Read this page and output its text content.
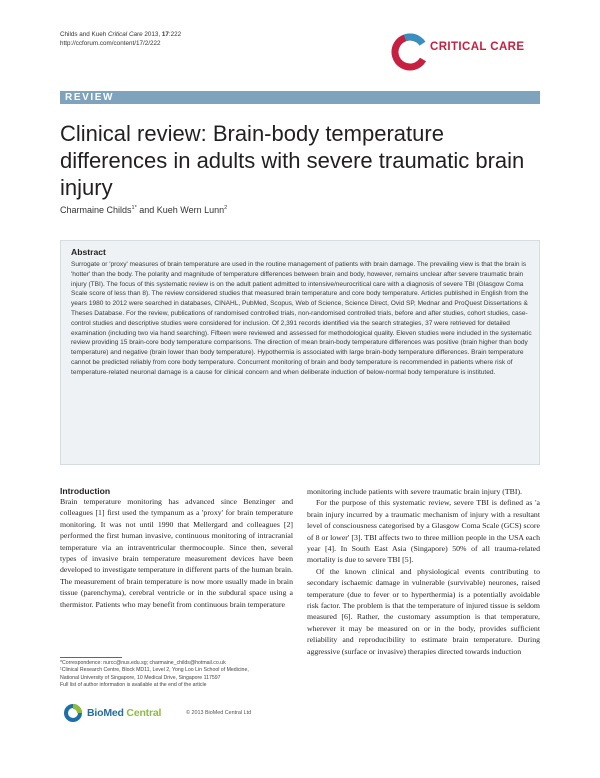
Childs and Kueh Critical Care 2013, 17:222
http://ccforum.com/content/17/2/222	CRITICAL CARE
REVIEW
Clinical review: Brain-body temperature differences in adults with severe traumatic brain injury
Charmaine Childs$^{1*}$ and Kueh Wern Lunn$^2$
Abstract
Surrogate or 'proxy' measures of brain temperature are used in the routine management of patients with brain damage. The prevailing view is that the brain is 'hotter' than the body. The polarity and magnitude of temperature differences between brain and body, however, remains unclear after severe traumatic brain injury (TBI). The focus of this systematic review is on the adult patient admitted to intensive/neurocritical care with a diagnosis of severe TBI (Glasgow Coma Scale score of less than 8). The review considered studies that measured brain temperature and core body temperature. Articles published in English from the years 1980 to 2012 were searched in databases, CINAHL, PubMed, Scopus, Web of Science, Science Direct, Ovid SP, Mednar and ProQuest Dissertations & Theses Database. For the review, publications of randomised controlled trials, non-randomised controlled trials, before and after studies, cohort studies, case-control studies and descriptive studies were considered for inclusion. Of 2,391 records identified via the search strategies, 37 were retrieved for detailed examination (including two via hand searching). Fifteen were reviewed and assessed for methodological quality. Eleven studies were included in the systematic review providing 15 brain-core body temperature comparisons. The direction of mean brain-body temperature differences was positive (brain higher than body temperature) and negative (brain lower than body temperature). Hypothermia is associated with large brain-body temperature differences. Brain temperature cannot be predicted reliably from core body temperature. Concurrent monitoring of brain and body temperature is recommended in patients where risk of temperature-related neuronal damage is a cause for clinical concern and when deliberate induction of below-normal body temperature is instituted.
Introduction

Brain temperature monitoring has advanced since Benzinger and colleagues [1] first used the tympanum as a 'proxy' for brain temperature monitoring. It was not until 1990 that Mellergard and colleagues [2] performed the first human invasive, continuous monitoring of intracranial temperature via an intraventricular thermocouple. Since then, several types of invasive brain temperature measurement devices have been developed to investigate temperature in different parts of the human brain. The measurement of brain temperature is now more usually made in brain tissue (parenchyma), cerebral ventricle or in the subdural space using a thermistor. Patients who may benefit from continuous brain temperature

monitoring include patients with severe traumatic brain injury (TBI).

For the purpose of this systematic review, severe TBI is defined as 'a brain injury incurred by a traumatic mechanism of injury with a resultant level of consciousness categorised by a Glasgow Coma Scale (GCS) score of 8 or lower' [3]. TBI affects two to three million people in the USA each year [4]. In South East Asia (Singapore) 50% of all trauma-related mortality is due to severe TBI [5].

Of the known clinical and physiological events contributing to secondary ischaemic damage in vulnerable (survivable) neurones, raised temperature (due to fever or to hyperthermia) is a potentially avoidable risk factor. The problem is that the temperature of injured tissue is seldom measured [6]. Rather, the customary assumption is that temperature, wherever it may be measured on or in the body, provides sufficient reliability and reproducibility to estimate brain temperature. During aggressive (surface or invasive) therapies directed towards induction

*Correspondence: nurcc@nus.edu.sg; charmaine_childs@hotmail.co.uk
¹Clinical Research Centre, Block MD11, Level 2, Yong Loo Lin School of Medicine,
National University of Singapore, 10 Medical Drive, Singapore 117597
Full list of author information is available at the end of the article
BioMed Central	© 2013 BioMed Central Ltd
